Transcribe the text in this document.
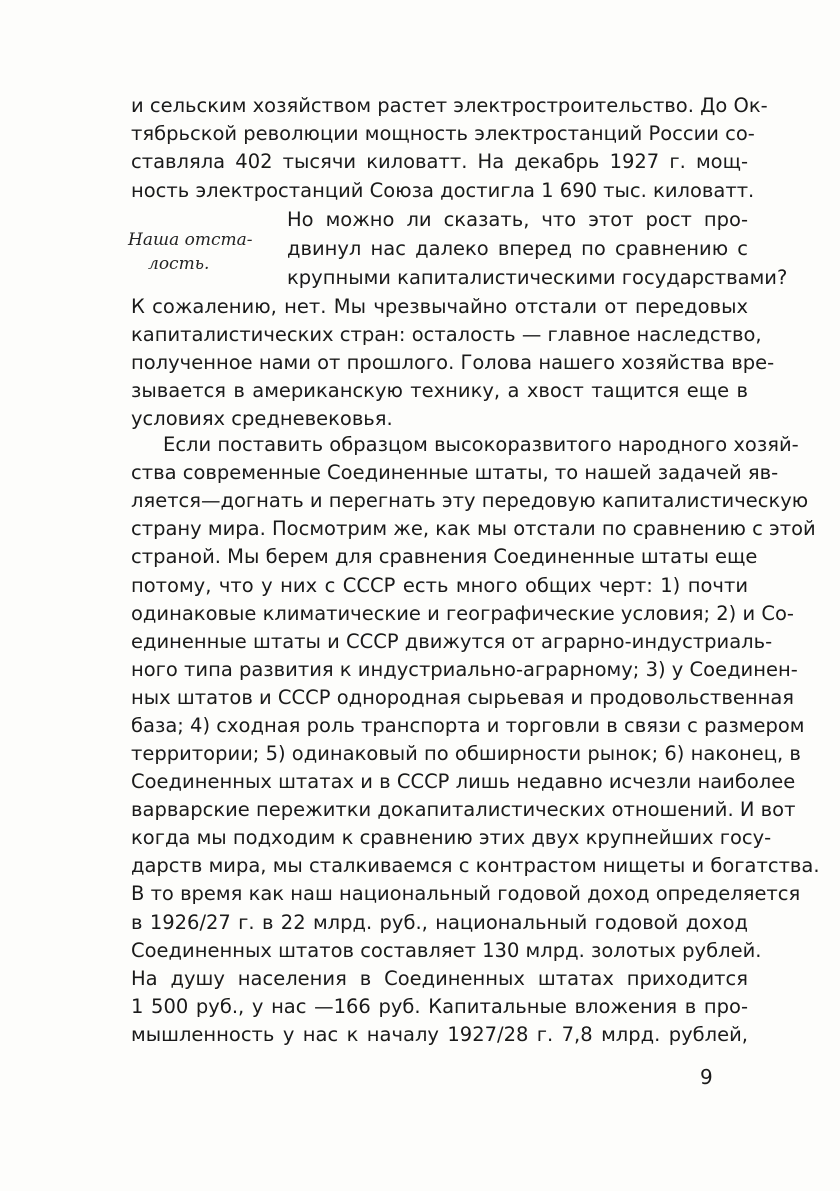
и сельским хозяйством растет электростроительство. До Ок-
тябрьской революции мощность электростанций России со-
ставляла 402 тысячи киловатт. На декабрь 1927 г. мощ-
ность электростанций Союза достигла 1 690 тыс. киловатт.
Наша отста-
лость.
Но можно ли сказать, что этот рост про-
двинул нас далеко вперед по сравнению с
крупными капиталистическими государствами?
К сожалению, нет. Мы чрезвычайно отстали от передовых
капиталистических стран: осталость — главное наследство,
полученное нами от прошлого. Голова нашего хозяйства вре-
зывается в американскую технику, а хвост тащится еще в
условиях средневековья.
Если поставить образцом высокоразвитого народного хозяй-
ства современные Соединенные штаты, то нашей задачей яв-
ляется—догнать и перегнать эту передовую капиталистическую
страну мира. Посмотрим же, как мы отстали по сравнению с этой
страной. Мы берем для сравнения Соединенные штаты еще
потому, что у них с СССР есть много общих черт: 1) почти
одинаковые климатические и географические условия; 2) и Со-
единенные штаты и СССР движутся от аграрно-индустриаль-
ного типа развития к индустриально-аграрному; 3) у Соединен-
ных штатов и СССР однородная сырьевая и продовольственная
база; 4) сходная роль транспорта и торговли в связи с размером
территории; 5) одинаковый по обширности рынок; 6) наконец, в
Соединенных штатах и в СССР лишь недавно исчезли наиболее
варварские пережитки докапиталистических отношений. И вот
когда мы подходим к сравнению этих двух крупнейших госу-
дарств мира, мы сталкиваемся с контрастом нищеты и богатства.
В то время как наш национальный годовой доход определяется
в 1926/27 г. в 22 млрд. руб., национальный годовой доход
Соединенных штатов составляет 130 млрд. золотых рублей.
На душу населения в Соединенных штатах приходится
1 500 руб., у нас —166 руб. Капитальные вложения в про-
мышленность у нас к началу 1927/28 г. 7,8 млрд. рублей,
9
